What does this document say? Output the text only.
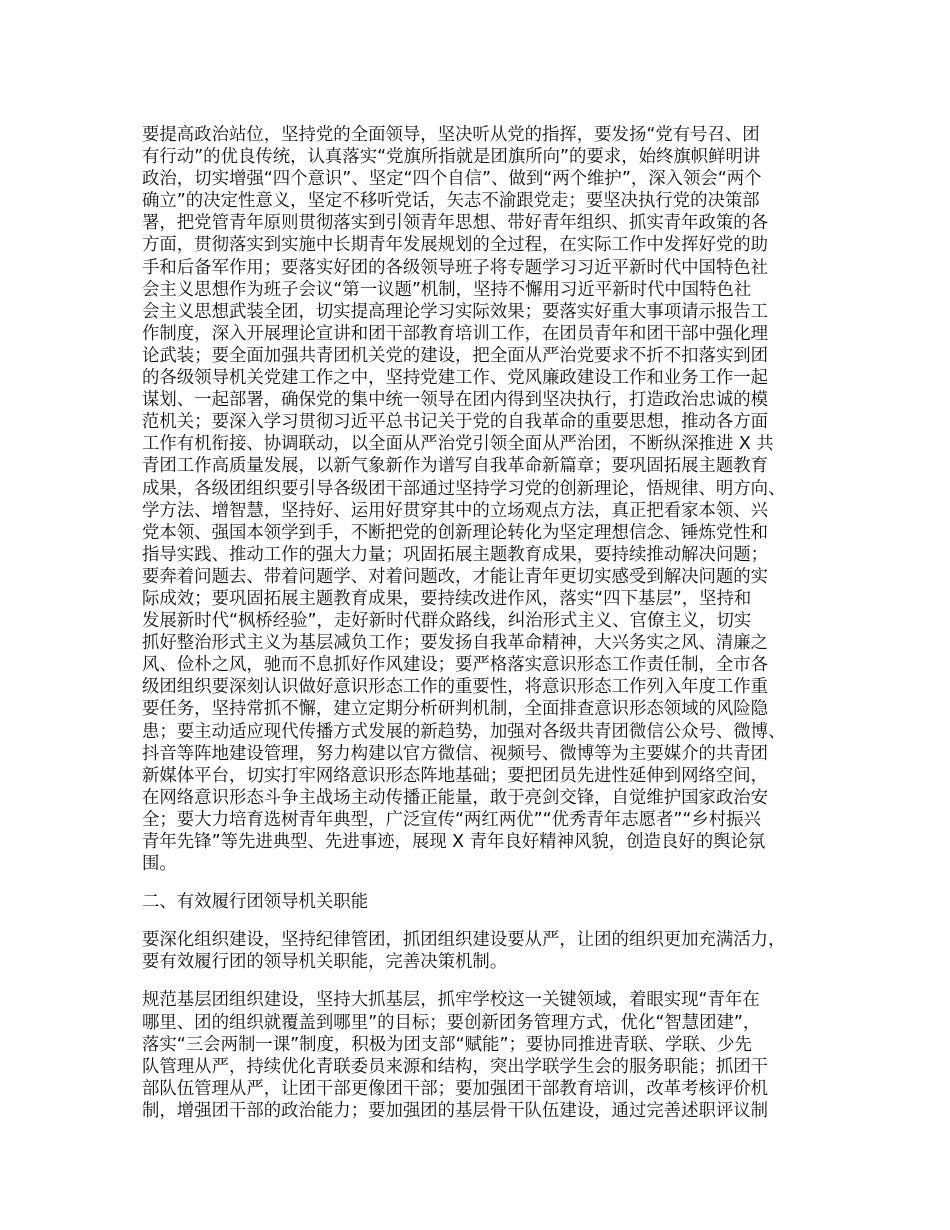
要提高政治站位，坚持党的全面领导，坚决听从党的指挥，要发扬“党有号召、团
有行动”的优良传统，认真落实“党旗所指就是团旗所向”的要求，始终旗帜鲜明讲
政治，切实增强“四个意识”、坚定“四个自信”、做到“两个维护”，深入领会“两个
确立”的决定性意义，坚定不移听党话，矢志不渝跟党走；要坚决执行党的决策部
署，把党管青年原则贯彻落实到引领青年思想、带好青年组织、抓实青年政策的各
方面，贯彻落实到实施中长期青年发展规划的全过程，在实际工作中发挥好党的助
手和后备军作用；要落实好团的各级领导班子将专题学习习近平新时代中国特色社
会主义思想作为班子会议“第一议题”机制，坚持不懈用习近平新时代中国特色社
会主义思想武装全团，切实提高理论学习实际效果；要落实好重大事项请示报告工
作制度，深入开展理论宣讲和团干部教育培训工作，在团员青年和团干部中强化理
论武装；要全面加强共青团机关党的建设，把全面从严治党要求不折不扣落实到团
的各级领导机关党建工作之中，坚持党建工作、党风廉政建设工作和业务工作一起
谋划、一起部署，确保党的集中统一领导在团内得到坚决执行，打造政治忠诚的模
范机关；要深入学习贯彻习近平总书记关于党的自我革命的重要思想，推动各方面
工作有机衔接、协调联动，以全面从严治党引领全面从严治团，不断纵深推进 X 共
青团工作高质量发展，以新气象新作为谱写自我革命新篇章；要巩固拓展主题教育
成果，各级团组织要引导各级团干部通过坚持学习党的创新理论，悟规律、明方向、
学方法、增智慧，坚持好、运用好贯穿其中的立场观点方法，真正把看家本领、兴
党本领、强国本领学到手，不断把党的创新理论转化为坚定理想信念、锤炼党性和
指导实践、推动工作的强大力量；巩固拓展主题教育成果，要持续推动解决问题；
要奔着问题去、带着问题学、对着问题改，才能让青年更切实感受到解决问题的实
际成效；要巩固拓展主题教育成果，要持续改进作风，落实“四下基层”，坚持和
发展新时代“枫桥经验”，走好新时代群众路线，纠治形式主义、官僚主义，切实
抓好整治形式主义为基层减负工作；要发扬自我革命精神，大兴务实之风、清廉之
风、俭朴之风，驰而不息抓好作风建设；要严格落实意识形态工作责任制，全市各
级团组织要深刻认识做好意识形态工作的重要性，将意识形态工作列入年度工作重
要任务，坚持常抓不懈，建立定期分析研判机制，全面排查意识形态领域的风险隐
患；要主动适应现代传播方式发展的新趋势，加强对各级共青团微信公众号、微博、
抖音等阵地建设管理，努力构建以官方微信、视频号、微博等为主要媒介的共青团
新媒体平台，切实打牢网络意识形态阵地基础；要把团员先进性延伸到网络空间，
在网络意识形态斗争主战场主动传播正能量，敢于亮剑交锋，自觉维护国家政治安
全；要大力培育选树青年典型，广泛宣传“两红两优”“优秀青年志愿者”“乡村振兴
青年先锋”等先进典型、先进事迹，展现 X 青年良好精神风貌，创造良好的舆论氛
围。
二、有效履行团领导机关职能
要深化组织建设，坚持纪律管团，抓团组织建设要从严，让团的组织更加充满活力，
要有效履行团的领导机关职能，完善决策机制。
规范基层团组织建设，坚持大抓基层，抓牢学校这一关键领域，着眼实现“青年在
哪里、团的组织就覆盖到哪里”的目标；要创新团务管理方式，优化“智慧团建”，
落实“三会两制一课”制度，积极为团支部“赋能”；要协同推进青联、学联、少先
队管理从严，持续优化青联委员来源和结构，突出学联学生会的服务职能；抓团干
部队伍管理从严，让团干部更像团干部；要加强团干部教育培训，改革考核评价机
制，增强团干部的政治能力；要加强团的基层骨干队伍建设，通过完善述职评议制
